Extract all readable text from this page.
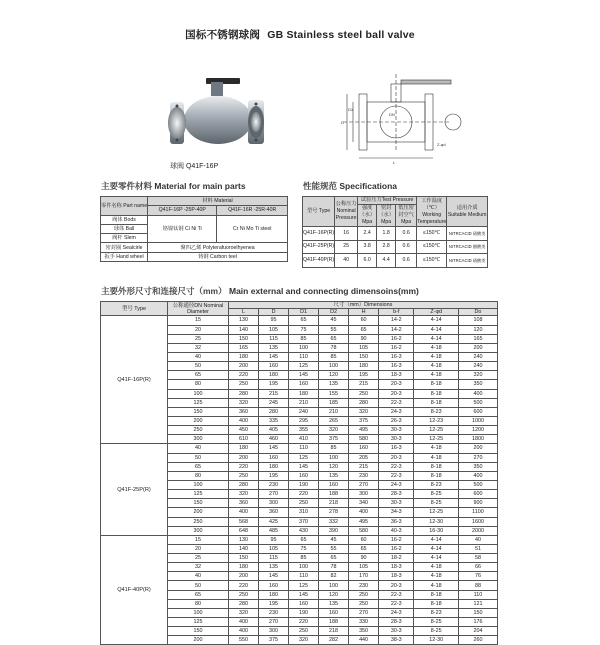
国标不锈钢球阀 GB Stainless steel ball valve
球阀 Q41F-16P
L
D
D1
DN
Z-φd
主要零件材料 Material for main parts
零件名称 Part name	材料 Material	
	Q41F-16P -25P-40P	Q41F-16R -25R-40R
阀体 Bods	铬镍钛钢 Ci Ni Ti	Cr Ni Mo Ti steel
球体 Ball		
阀杆 Slem		
密封圈 Sealcirle	聚四乙烯 Polyterafuoroelhyenea	
扳手 Hand wheel	铸钢 Carbon teel	
性能规范 Specificationa
型号 Type	公称压力 Nominal Pressure	试验压力Test Pressure			工作温度（℃）Working Temperature	适用介质 Suitable Medium
		强度（水）Mpa	密封（水）Mpa	低压密封空气 Mpa		
Q41F-16P(R)	16	2.4	1.8	0.6	≤150℃	NITRCACID 硝酸类
Q41F-25P(R)	25	3.8	2.8	0.6	≤150℃	NITRCACID 醋酸类
Q41F-40P(R)	40	6.0	4.4	0.6	≤150℃	NITRCACID 硝酸类
主要外形尺寸和连接尺寸（mm） Main external and connecting dimensoins(mm)
型号 Type	公称通径DN Nominal Diameter	尺寸（mm）Dimensions							
		L	D	D1	D2	H	b-f	Z-φd	Do
Q41F-16P(R)	15	130	95	65	45	60	14-2	4-14	108
	20	140	105	75	55	65	14-2	4-14	120
	25	150	115	85	65	90	16-2	4-14	165
	32	165	135	100	78	105	16-2	4-18	200
	40	180	145	110	85	150	16-3	4-18	240
	50	200	160	125	100	180	16-3	4-18	240
	65	220	180	145	120	195	18-3	4-18	320
	80	250	195	160	135	215	20-3	8-18	350
	100	280	215	180	155	250	20-3	8-18	400
	125	320	245	210	185	280	22-3	8-18	500
	150	360	280	240	210	320	24-3	8-23	600
	200	400	335	295	265	375	26-3	12-23	1000
	250	450	405	355	320	495	30-3	12-25	1200
	300	610	460	410	375	580	30-3	12-25	1800
Q41F-25P(R)	40	180	145	110	85	160	16-3	4-18	200
	50	200	160	125	100	205	20-3	4-18	270
	65	220	180	145	120	215	22-3	8-18	350
	80	250	195	160	135	230	22-3	8-18	400
	100	280	230	190	160	270	24-3	8-23	500
	125	320	270	220	188	300	28-3	8-25	600
	150	360	300	250	218	340	30-3	8-25	900
	200	400	360	310	278	400	34-3	12-25	1100
	250	568	425	370	332	495	36-3	12-30	1600
	300	648	485	430	390	580	40-3	16-30	2000
Q41F-40P(R)	15	130	95	65	45	60	16-2	4-14	40
	20	140	105	75	55	65	16-2	4-14	51
	25	150	115	85	65	90	18-2	4-14	58
	32	180	135	100	78	105	18-3	4-18	66
	40	200	145	110	82	170	18-3	4-18	76
	50	220	160	125	100	230	20-3	4-18	88
	65	250	180	145	120	250	22-3	8-18	110
	80	280	195	160	135	250	22-3	8-18	121
	100	320	230	190	160	270	24-3	8-23	150
	125	400	270	220	188	330	28-3	8-25	176
	150	400	300	250	218	350	30-3	8-25	204
	200	550	375	320	282	440	38-3	12-30	260
